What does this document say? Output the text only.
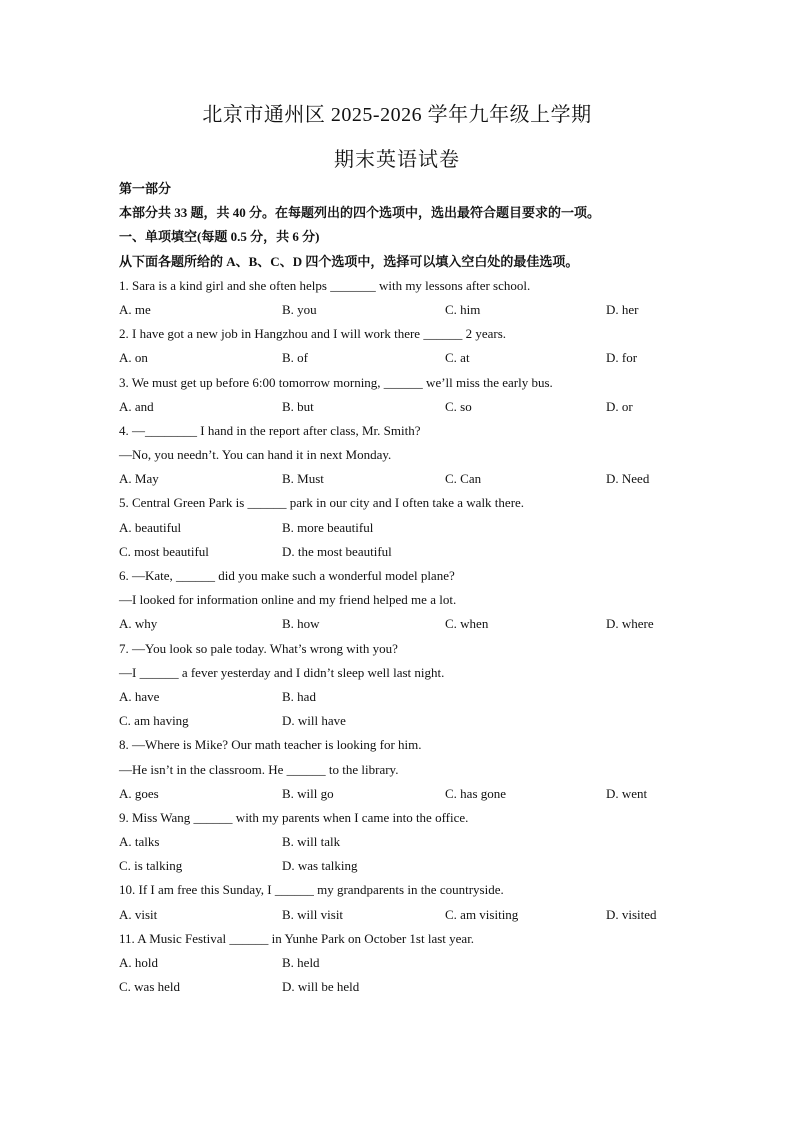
北京市通州区 2025-2026 学年九年级上学期
期末英语试卷
第一部分
本部分共 33 题，共 40 分。在每题列出的四个选项中，选出最符合题目要求的一项。
一、单项填空(每题 0.5 分，共 6 分)
从下面各题所给的 A、B、C、D 四个选项中，选择可以填入空白处的最佳选项。
1. Sara is a kind girl and she often helps _______ with my lessons after school.
A. me	B. you	C. him	D. her
2. I have got a new job in Hangzhou and I will work there ______ 2 years.
A. on	B. of	C. at	D. for
3. We must get up before 6:00 tomorrow morning, ______ we’ll miss the early bus.
A. and	B. but	C. so	D. or
4. —________ I hand in the report after class, Mr. Smith?
—No, you needn’t. You can hand it in next Monday.
A. May	B. Must	C. Can	D. Need
5. Central Green Park is ______ park in our city and I often take a walk there.
A. beautiful	B. more beautiful
C. most beautiful	D. the most beautiful
6. —Kate, ______ did you make such a wonderful model plane?
—I looked for information online and my friend helped me a lot.
A. why	B. how	C. when	D. where
7. —You look so pale today. What’s wrong with you?
—I ______ a fever yesterday and I didn’t sleep well last night.
A. have	B. had
C. am having	D. will have
8. —Where is Mike? Our math teacher is looking for him.
—He isn’t in the classroom. He ______ to the library.
A. goes	B. will go	C. has gone	D. went
9. Miss Wang ______ with my parents when I came into the office.
A. talks	B. will talk
C. is talking	D. was talking
10. If I am free this Sunday, I ______ my grandparents in the countryside.
A. visit	B. will visit	C. am visiting	D. visited
11. A Music Festival ______ in Yunhe Park on October 1st last year.
A. hold	B. held
C. was held	D. will be held
